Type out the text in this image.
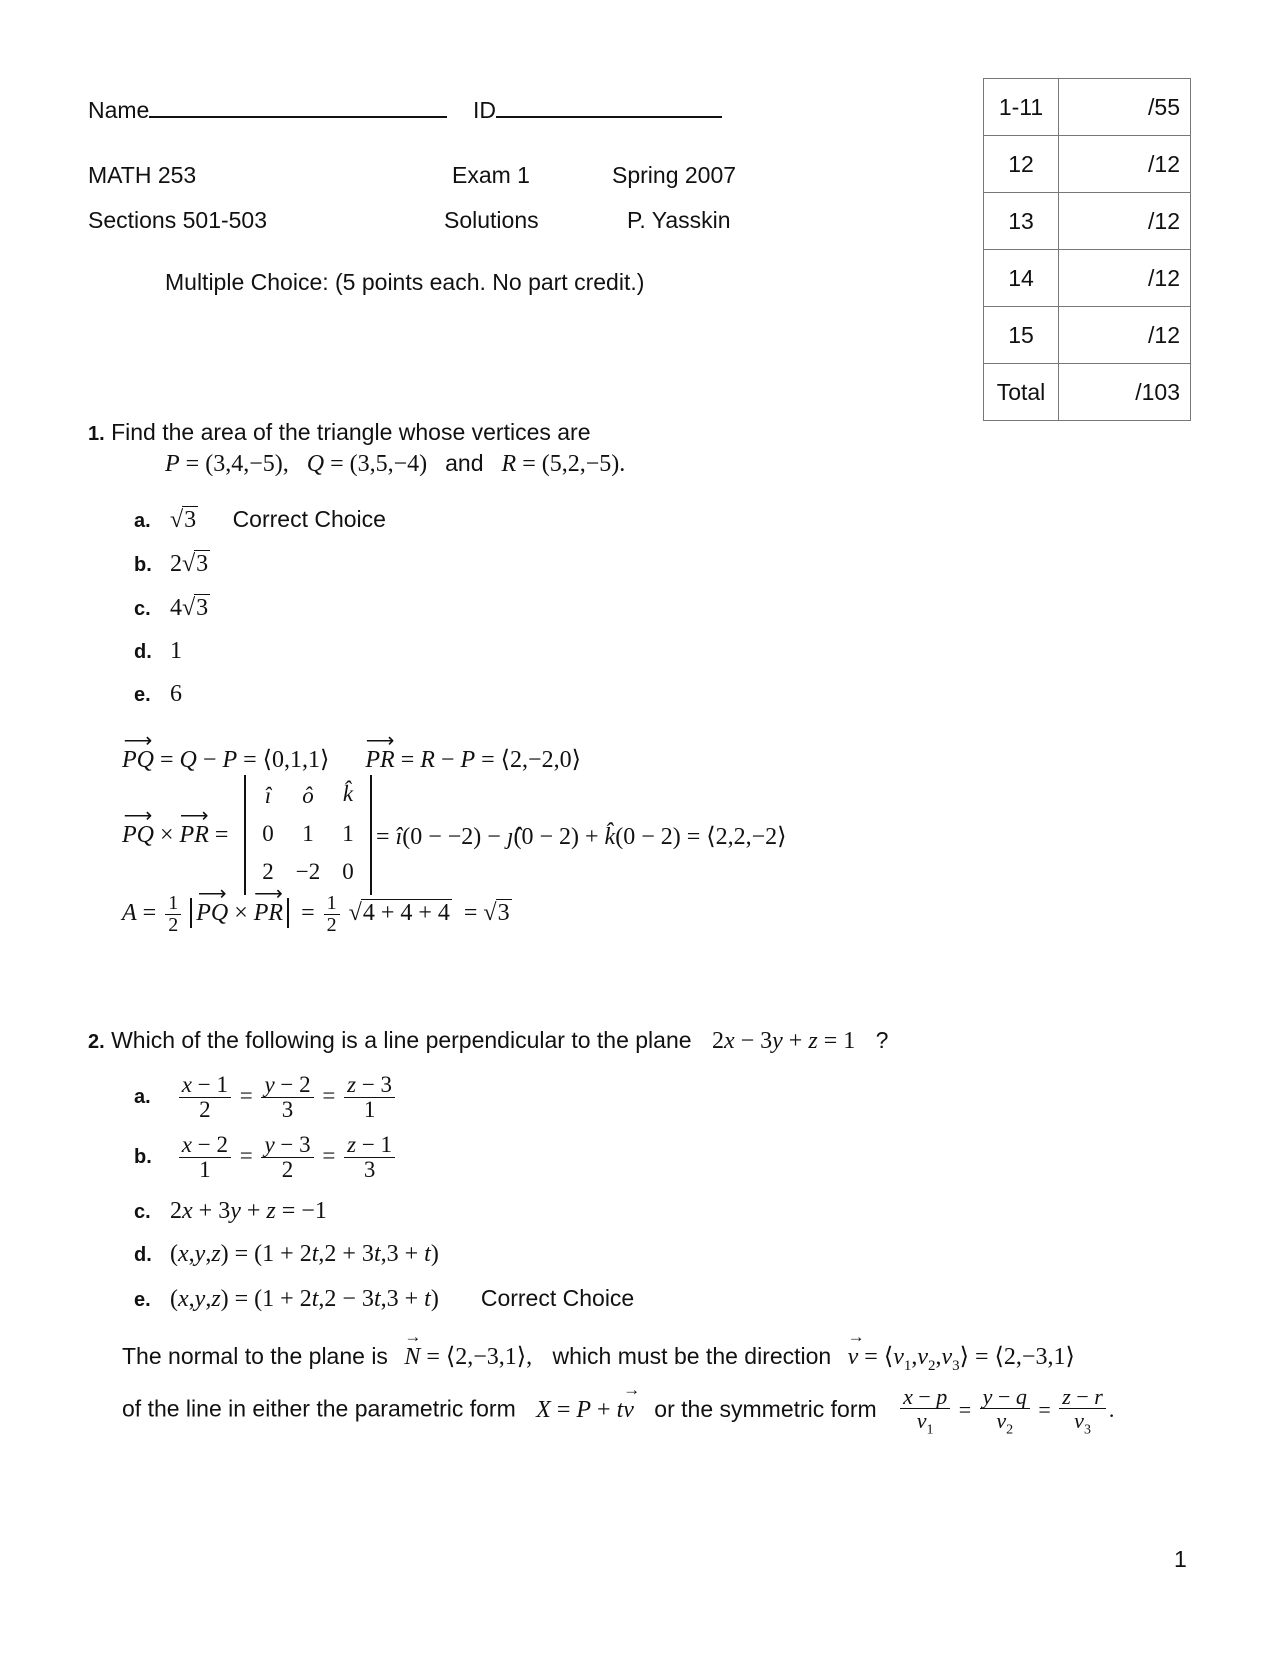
Name	ID
MATH 253	Exam 1	Spring 2007
Sections 501-503	Solutions	P. Yasskin
Multiple Choice: (5 points each. No part credit.)
1-11	/55
12	/12
13	/12
14	/12
15	/12
Total	/103
1. Find the area of the triangle whose vertices are
P = (3,4,−5),   Q = (3,5,−4)   and R = (5,2,−5).
a. √3 Correct Choice
b. 2√3
c. 4√3
d. 1
e. 6
⟶ PQ = Q − P = ⟨0,1,1⟩      ⟶ PR = R − P = ⟨2,−2,0⟩
⟶ PQ × ⟶ PR =
î	ô	k̂
0	1	1
2 −2 0
= î(0 − −2) − ȷ̂(0 − 2) + k̂(0 − 2) = ⟨2,2,−2⟩
$A = \frac{1}{2}$ ⟶ PQ × ⟶ PR  = $\frac{1}{2} √4 + 4 + 4 = √3$
2. Which of the following is a line perpendicular to the plane 2x − 3y + z = 1 ?
a. $\frac{x - 1}{2} = \frac{y - 2}{3} = \frac{z - 3}{1}$
b. $\frac{x - 2}{1} = \frac{y - 3}{2} = \frac{z - 1}{3}$
c. 2x + 3y + z = −1
d. (x,y,z) = (1 + 2t,2 + 3t,3 + t)
e. (x,y,z) = (1 + 2t,2 − 3t,3 + t) Correct Choice
The normal to the plane is → N = ⟨2,−3,1⟩, which must be the direction → $v = ⟨v_1,v_2,v_3⟩$ = ⟨2,−3,1⟩
of the line in either the parametric form X = P + t→ v or the symmetric form $\frac{x - p}{v_1} = \frac{y - q}{v_2} = \frac{z - r}{v_3}$ .
1
